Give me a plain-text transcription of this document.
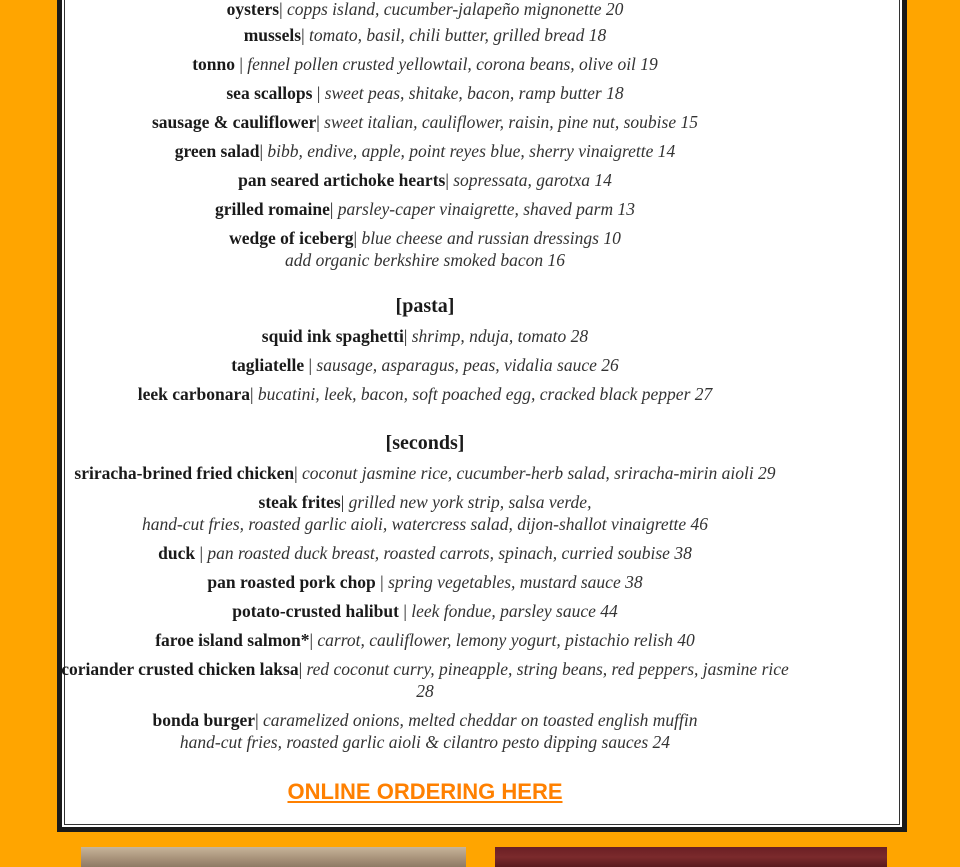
oysters| copps island, cucumber-jalapeño mignonette 20
mussels| tomato, basil, chili butter, grilled bread 18
tonno | fennel pollen crusted yellowtail, corona beans, olive oil 19
sea scallops | sweet peas, shitake, bacon, ramp butter 18
sausage & cauliflower| sweet italian, cauliflower, raisin, pine nut, soubise 15
green salad| bibb, endive, apple, point reyes blue, sherry vinaigrette 14
pan seared artichoke hearts| sopressata, garotxa 14
grilled romaine| parsley-caper vinaigrette, shaved parm 13
wedge of iceberg| blue cheese and russian dressings 10
add organic berkshire smoked bacon 16
[pasta]
squid ink spaghetti| shrimp, nduja, tomato 28
tagliatelle | sausage, asparagus, peas, vidalia sauce 26
leek carbonara| bucatini, leek, bacon, soft poached egg, cracked black pepper 27
[seconds]
sriracha-brined fried chicken| coconut jasmine rice, cucumber-herb salad, sriracha-mirin aioli 29
steak frites| grilled new york strip, salsa verde,
hand-cut fries, roasted garlic aioli, watercress salad, dijon-shallot vinaigrette 46
duck | pan roasted duck breast, roasted carrots, spinach, curried soubise 38
pan roasted pork chop | spring vegetables, mustard sauce 38
potato-crusted halibut | leek fondue, parsley sauce 44
faroe island salmon*| carrot, cauliflower, lemony yogurt, pistachio relish 40
coriander crusted chicken laksa| red coconut curry, pineapple, string beans, red peppers, jasmine rice
28
bonda burger| caramelized onions, melted cheddar on toasted english muffin
hand-cut fries, roasted garlic aioli & cilantro pesto dipping sauces 24
ONLINE ORDERING HERE
